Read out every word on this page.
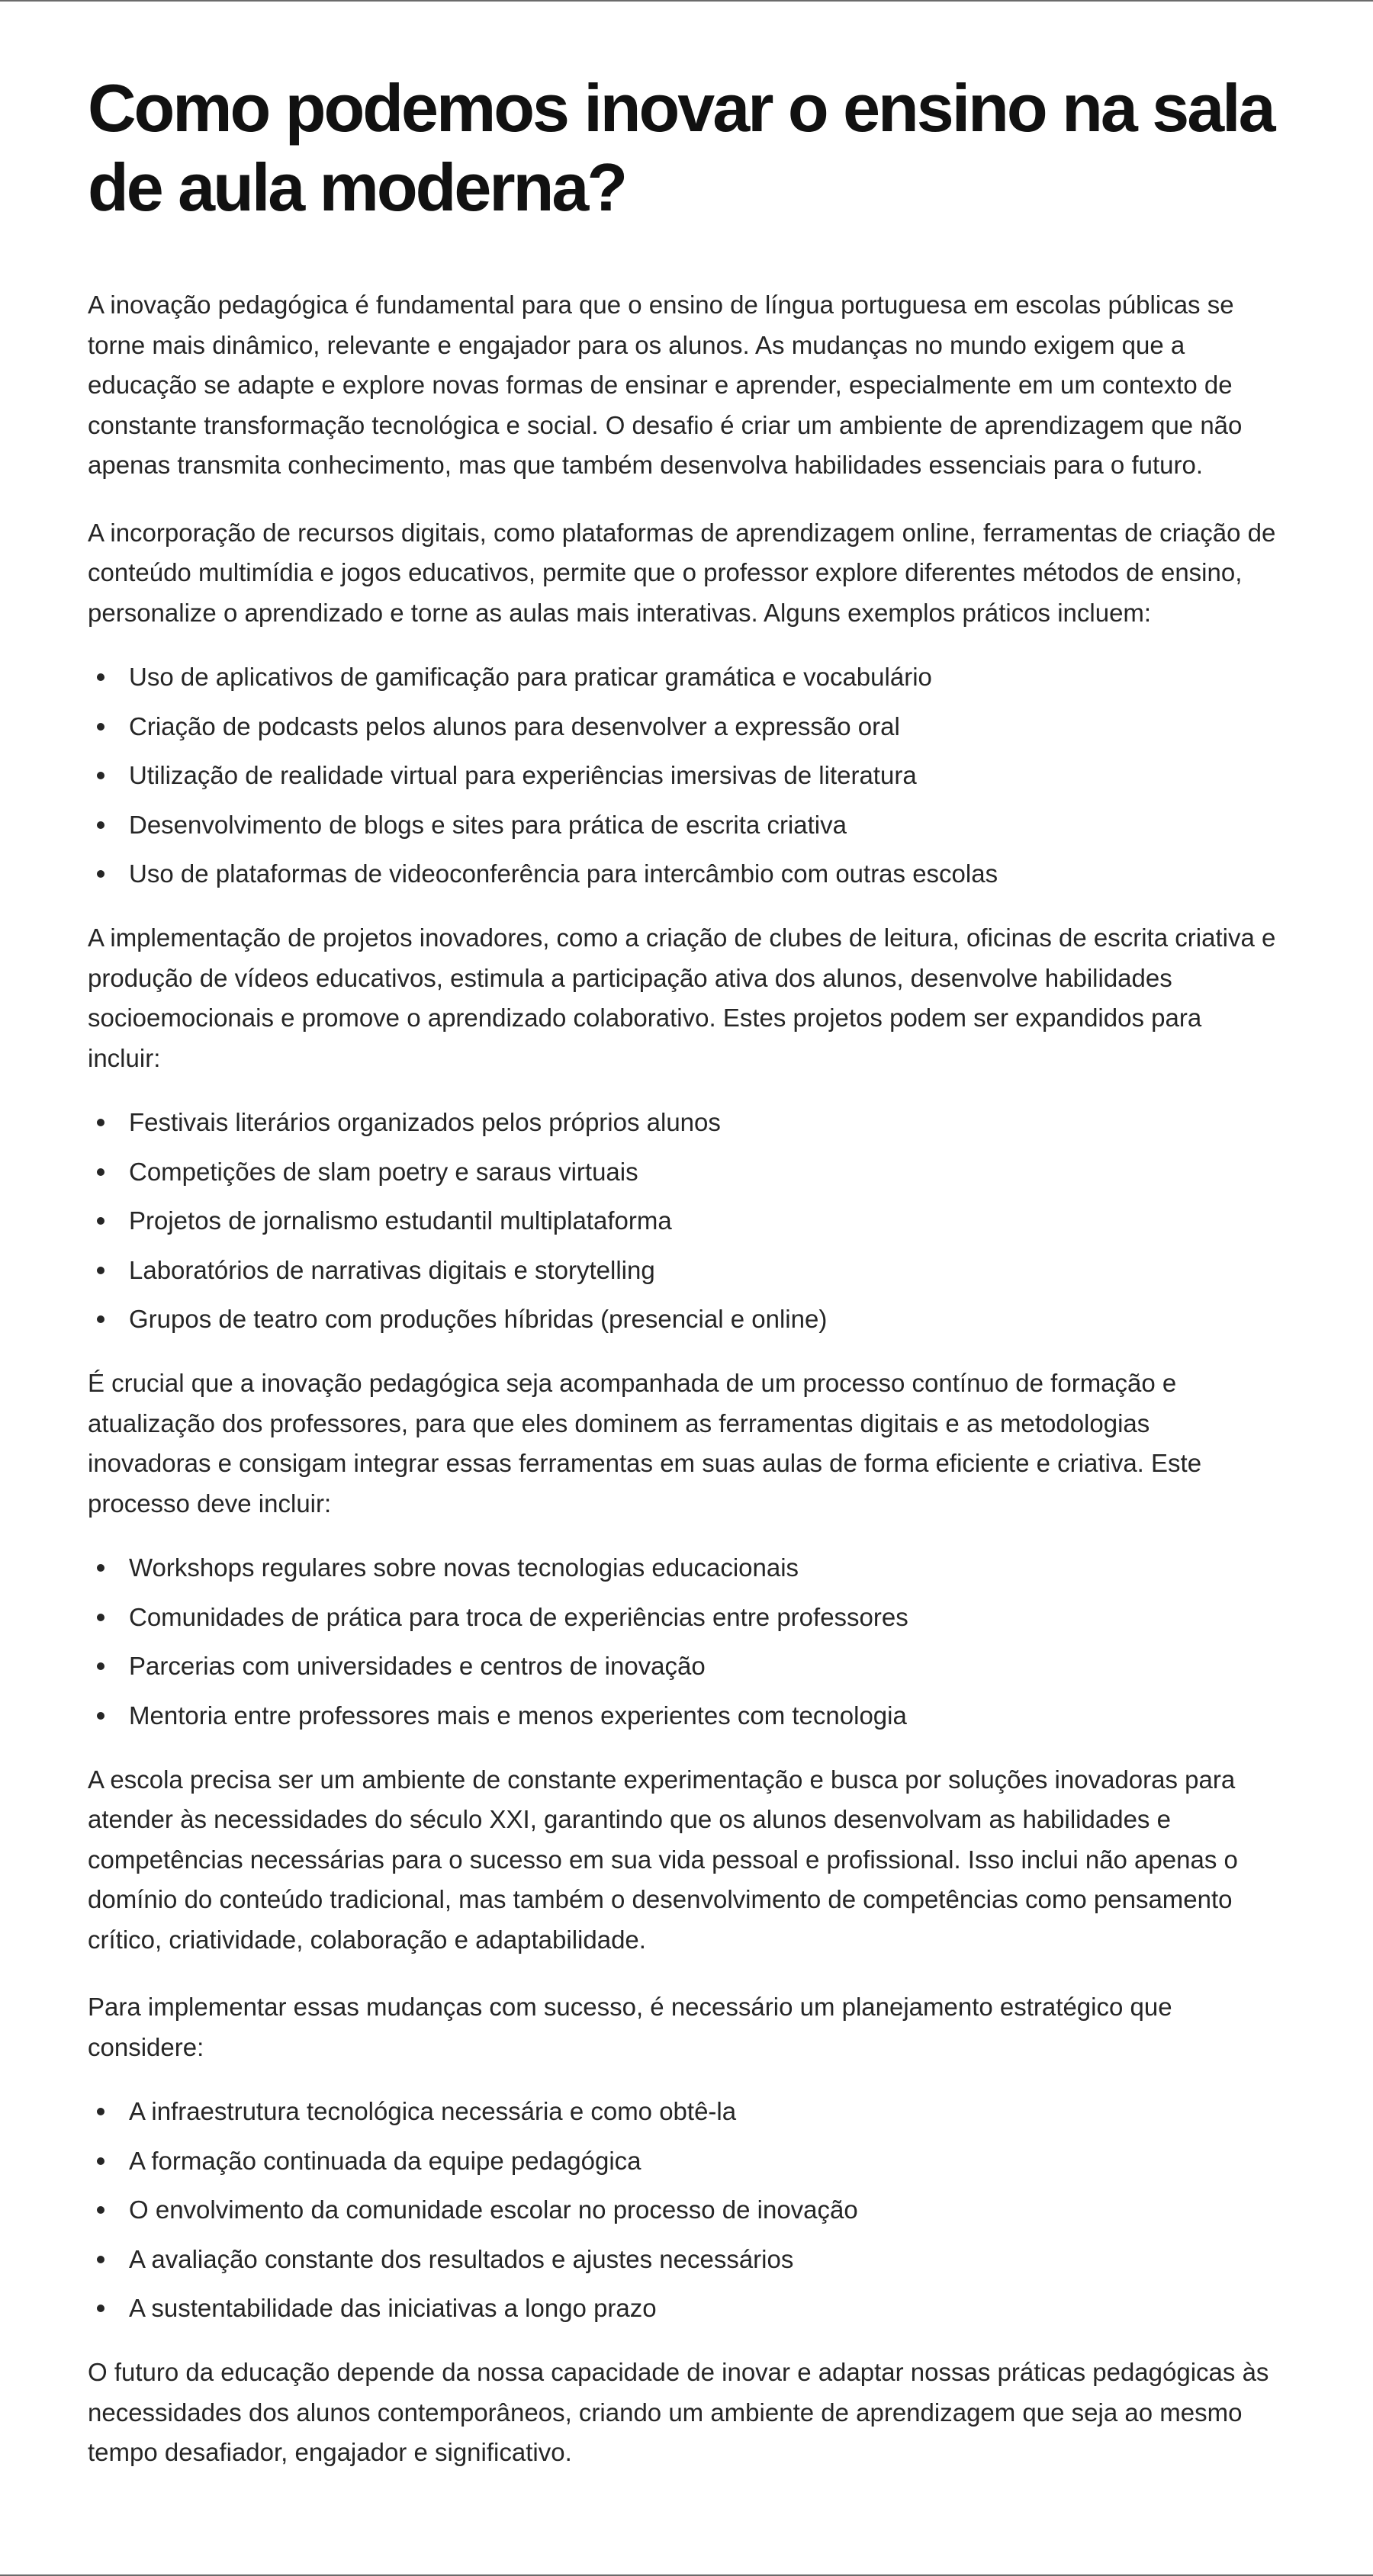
Como podemos inovar o ensino na sala de aula moderna?

A inovação pedagógica é fundamental para que o ensino de língua portuguesa em escolas públicas se torne mais dinâmico, relevante e engajador para os alunos. As mudanças no mundo exigem que a educação se adapte e explore novas formas de ensinar e aprender, especialmente em um contexto de constante transformação tecnológica e social. O desafio é criar um ambiente de aprendizagem que não apenas transmita conhecimento, mas que também desenvolva habilidades essenciais para o futuro.

A incorporação de recursos digitais, como plataformas de aprendizagem online, ferramentas de criação de conteúdo multimídia e jogos educativos, permite que o professor explore diferentes métodos de ensino, personalize o aprendizado e torne as aulas mais interativas. Alguns exemplos práticos incluem:

Uso de aplicativos de gamificação para praticar gramática e vocabulário
Criação de podcasts pelos alunos para desenvolver a expressão oral
Utilização de realidade virtual para experiências imersivas de literatura
Desenvolvimento de blogs e sites para prática de escrita criativa
Uso de plataformas de videoconferência para intercâmbio com outras escolas

A implementação de projetos inovadores, como a criação de clubes de leitura, oficinas de escrita criativa e produção de vídeos educativos, estimula a participação ativa dos alunos, desenvolve habilidades socioemocionais e promove o aprendizado colaborativo. Estes projetos podem ser expandidos para incluir:

Festivais literários organizados pelos próprios alunos
Competições de slam poetry e saraus virtuais
Projetos de jornalismo estudantil multiplataforma
Laboratórios de narrativas digitais e storytelling
Grupos de teatro com produções híbridas (presencial e online)

É crucial que a inovação pedagógica seja acompanhada de um processo contínuo de formação e atualização dos professores, para que eles dominem as ferramentas digitais e as metodologias inovadoras e consigam integrar essas ferramentas em suas aulas de forma eficiente e criativa. Este processo deve incluir:

Workshops regulares sobre novas tecnologias educacionais
Comunidades de prática para troca de experiências entre professores
Parcerias com universidades e centros de inovação
Mentoria entre professores mais e menos experientes com tecnologia

A escola precisa ser um ambiente de constante experimentação e busca por soluções inovadoras para atender às necessidades do século XXI, garantindo que os alunos desenvolvam as habilidades e competências necessárias para o sucesso em sua vida pessoal e profissional. Isso inclui não apenas o domínio do conteúdo tradicional, mas também o desenvolvimento de competências como pensamento crítico, criatividade, colaboração e adaptabilidade.

Para implementar essas mudanças com sucesso, é necessário um planejamento estratégico que considere:

A infraestrutura tecnológica necessária e como obtê-la
A formação continuada da equipe pedagógica
O envolvimento da comunidade escolar no processo de inovação
A avaliação constante dos resultados e ajustes necessários
A sustentabilidade das iniciativas a longo prazo

O futuro da educação depende da nossa capacidade de inovar e adaptar nossas práticas pedagógicas às necessidades dos alunos contemporâneos, criando um ambiente de aprendizagem que seja ao mesmo tempo desafiador, engajador e significativo.
